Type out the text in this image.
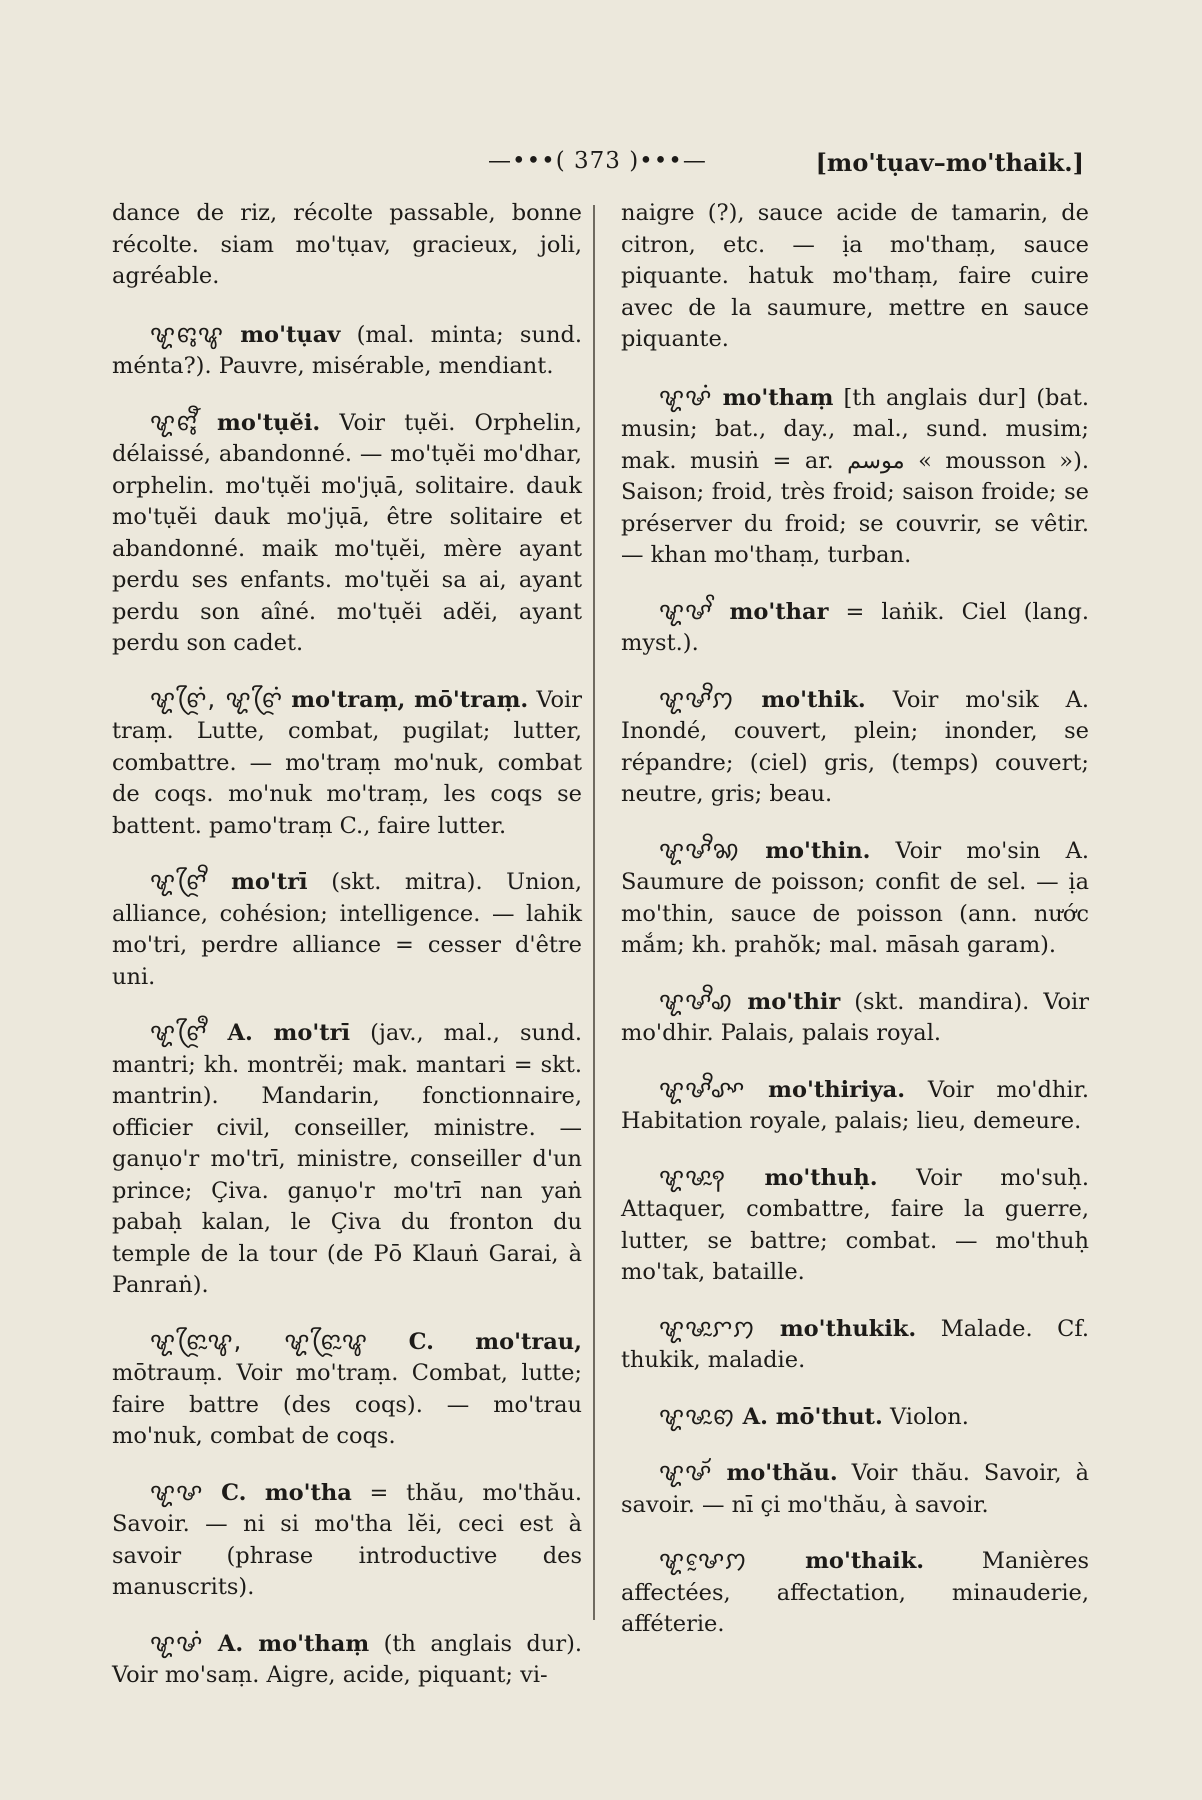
—•••( 373 )•••—	[mo'tụav–mo'thaik.]

dance de riz, récolte passable, bonne récolte. siam mo'tụav, gracieux, joli, agréable.

ꨠꨓꨶꨥ mo'tụav (mal. minta; sund. ménta?). Pauvre, misérable, mendiant.

ꨠꨓꨶꨬ mo'tụĕi. Voir tụĕi. Orphelin, délaissé, abandonné. — mo'tụĕi mo'dhar, orphelin. mo'tụĕi mo'jụā, solitaire. dauk mo'tụĕi dauk mo'jụā, être solitaire et abandonné. maik mo'tụĕi, mère ayant perdu ses enfants. mo'tụĕi sa ai, ayant perdu son aîné. mo'tụĕi adĕi, ayant perdu son cadet.

ꨠꨓꨴꩌ, ꨠꨓꨴꩌ mo'traṃ, mō'traṃ. Voir traṃ. Lutte, combat, pugilat; lutter, combattre. — mo'traṃ mo'nuk, combat de coqs. mo'nuk mo'traṃ, les coqs se battent. pamo'traṃ C., faire lutter.

ꨠꨓꨴꨪ mo'trī (skt. mitra). Union, alliance, cohésion; intelligence. — lahik mo'tri, perdre alliance = cesser d'être uni.

ꨠꨓꨴꨫ A. mo'trī (jav., mal., sund. mantri; kh. montrĕi; mak. mantari = skt. mantrin). Mandarin, fonctionnaire, officier civil, conseiller, ministre. — ganụo'r mo'trī, ministre, conseiller d'un prince; Çiva. ganụo'r mo'trī nan yaṅ pabaḥ kalan, le Çiva du fronton du temple de la tour (de Pō Klauṅ Garai, à Panraṅ).

ꨠꨓꨴꨭꨥ, ꨠꨓꨴꨭꨥ C. mo'trau, mōtrauṃ. Voir mo'traṃ. Combat, lutte; faire battre (des coqs). — mo'trau mo'nuk, combat de coqs.

ꨠꨔ C. mo'tha = thău, mo'thău. Savoir. — ni si mo'tha lĕi, ceci est à savoir (phrase introductive des manuscrits).

ꨠꨔꩌ A. mo'thaṃ (th anglais dur). Voir mo'saṃ. Aigre, acide, piquant; vi-

naigre (?), sauce acide de tamarin, de citron, etc. — ịa mo'thaṃ, sauce piquante. hatuk mo'thaṃ, faire cuire avec de la saumure, mettre en sauce piquante.

ꨠꨔꩌ mo'thaṃ [th anglais dur] (bat. musin; bat., day., mal., sund. musim; mak. musiṅ = ar. موسم « mousson »). Saison; froid, très froid; saison froide; se préserver du froid; se couvrir, se vêtir. — khan mo'thaṃ, turban.

ꨠꨔꨩ mo'thar = laṅik. Ciel (lang. myst.).

ꨠꨔꨪꩀ mo'thik. Voir mo'sik A. Inondé, couvert, plein; inonder, se répandre; (ciel) gris, (temps) couvert; neutre, gris; beau.

ꨠꨔꨪꩆ mo'thin. Voir mo'sin A. Saumure de poisson; confit de sel. — ịa mo'thin, sauce de poisson (ann. nước mắm; kh. prahŏk; mal. māsah garam).

ꨠꨔꨪꩉ mo'thir (skt. mandira). Voir mo'dhir. Palais, palais royal.

ꨠꨔꨪꨣꨳ mo'thiriya. Voir mo'dhir. Habitation royale, palais; lieu, demeure.

ꨠꨔꨭꩍ mo'thuḥ. Voir mo'suḥ. Attaquer, combattre, faire la guerre, lutter, se battre; combat. — mo'thuḥ mo'tak, bataille.

ꨠꨔꨭꨆꩀ mo'thukik. Malade. Cf. thukik, maladie.

ꨠꨔꨭꩅ A. mō'thut. Violon.

ꨠꨔꨮ mo'thău. Voir thău. Savoir, à savoir. — nī çi mo'thău, à savoir.

ꨠꨔꨰꩀ	mo'thaik.	Manières affectées, affectation, minauderie, afféterie.
